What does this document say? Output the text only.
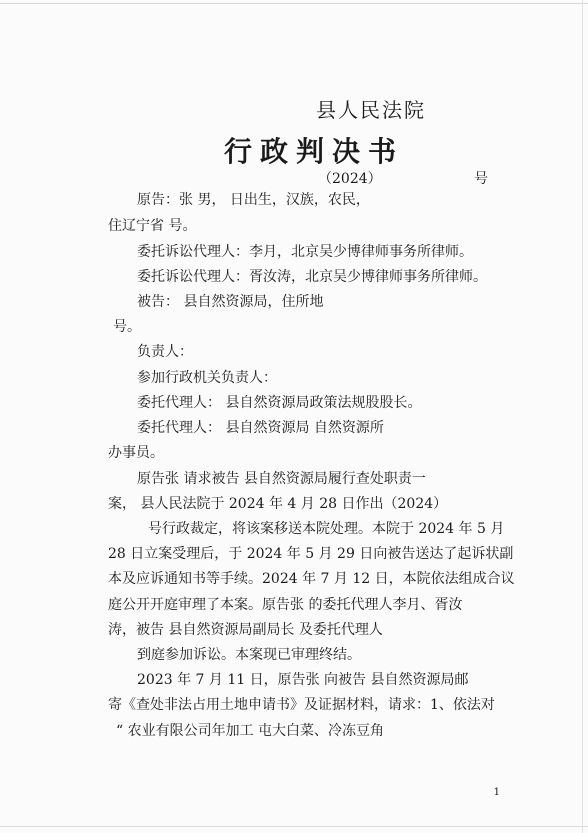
县人民法院
行政判决书
（2024）	号
原告：张 男， 日出生，汉族，农民，
住辽宁省 号。
委托诉讼代理人：李月，北京吴少博律师事务所律师。
委托诉讼代理人：胥汝涛，北京吴少博律师事务所律师。
被告： 县自然资源局，住所地
号。
负责人：
参加行政机关负责人：
委托代理人： 县自然资源局政策法规股股长。
委托代理人： 县自然资源局 自然资源所
办事员。
原告张 请求被告 县自然资源局履行查处职责一
案， 县人民法院于 2024 年 4 月 28 日作出（2024）
号行政裁定，将该案移送本院处理。本院于 2024 年 5 月
28 日立案受理后，于 2024 年 5 月 29 日向被告送达了起诉状副
本及应诉通知书等手续。2024 年 7 月 12 日，本院依法组成合议
庭公开开庭审理了本案。原告张 的委托代理人李月、胥汝
涛，被告 县自然资源局副局长 及委托代理人
到庭参加诉讼。本案现已审理终结。
2023 年 7 月 11 日，原告张 向被告 县自然资源局邮
寄《查处非法占用土地申请书》及证据材料，请求：1、依法对
“ 农业有限公司年加工 屯大白菜、冷冻豆角
1
